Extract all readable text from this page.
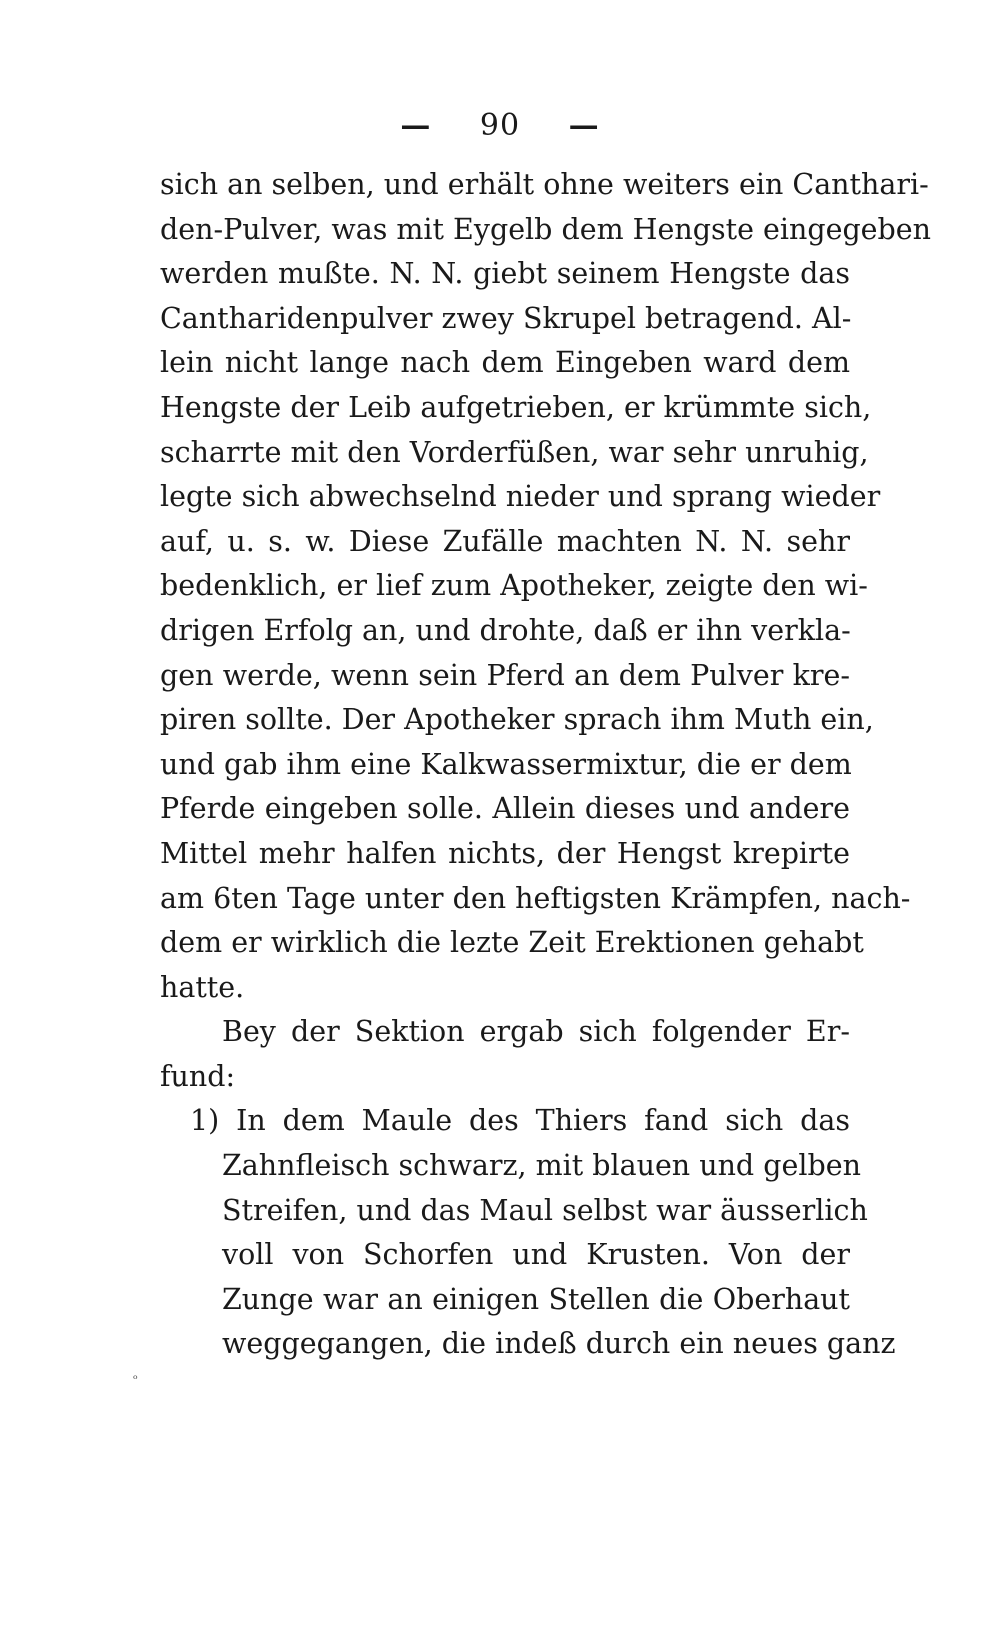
— 90 —
sich an selben, und erhält ohne weiters ein Canthari-
den-Pulver, was mit Eygelb dem Hengste eingegeben
werden mußte. N. N. giebt seinem Hengste das
Cantharidenpulver zwey Skrupel betragend. Al-
lein nicht lange nach dem Eingeben ward dem
Hengste der Leib aufgetrieben, er krümmte sich,
scharrte mit den Vorderfüßen, war sehr unruhig,
legte sich abwechselnd nieder und sprang wieder
auf, u. s. w. Diese Zufälle machten N. N. sehr
bedenklich, er lief zum Apotheker, zeigte den wi-
drigen Erfolg an, und drohte, daß er ihn verkla-
gen werde, wenn sein Pferd an dem Pulver kre-
piren sollte. Der Apotheker sprach ihm Muth ein,
und gab ihm eine Kalkwassermixtur, die er dem
Pferde eingeben solle. Allein dieses und andere
Mittel mehr halfen nichts, der Hengst krepirte
am 6ten Tage unter den heftigsten Krämpfen, nach-
dem er wirklich die lezte Zeit Erektionen gehabt
hatte.
Bey der Sektion ergab sich folgender Er-
fund:
1) In dem Maule des Thiers fand sich das
Zahnfleisch schwarz, mit blauen und gelben
Streifen, und das Maul selbst war äusserlich
voll von Schorfen und Krusten. Von der
Zunge war an einigen Stellen die Oberhaut
weggegangen, die indeß durch ein neues ganz
ₒ
